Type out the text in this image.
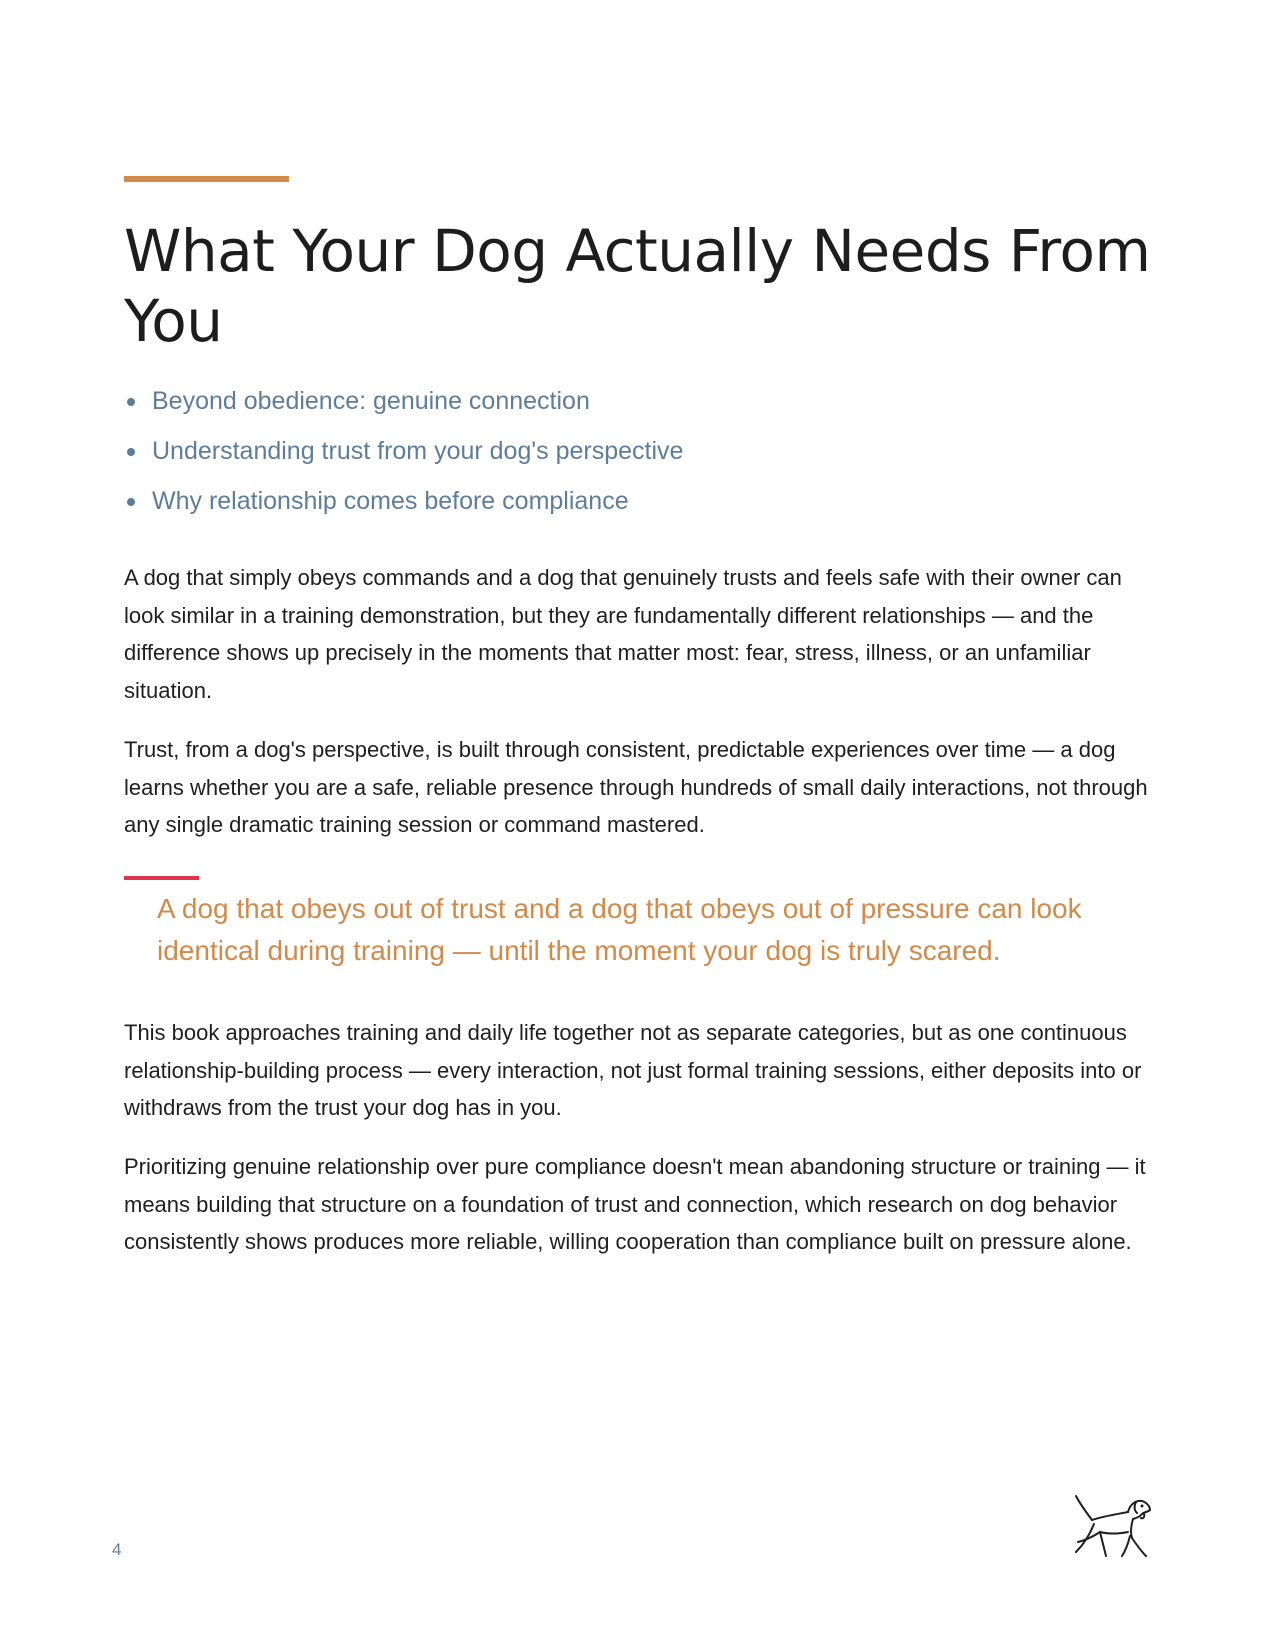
What Your Dog Actually Needs From You
Beyond obedience: genuine connection
Understanding trust from your dog's perspective
Why relationship comes before compliance

A dog that simply obeys commands and a dog that genuinely trusts and feels safe with their owner can look similar in a training demonstration, but they are fundamentally different relationships — and the difference shows up precisely in the moments that matter most: fear, stress, illness, or an unfamiliar situation.

Trust, from a dog's perspective, is built through consistent, predictable experiences over time — a dog learns whether you are a safe, reliable presence through hundreds of small daily interactions, not through any single dramatic training session or command mastered.

A dog that obeys out of trust and a dog that obeys out of pressure can look identical during training — until the moment your dog is truly scared.

This book approaches training and daily life together not as separate categories, but as one continuous relationship-building process — every interaction, not just formal training sessions, either deposits into or withdraws from the trust your dog has in you.

Prioritizing genuine relationship over pure compliance doesn't mean abandoning structure or training — it means building that structure on a foundation of trust and connection, which research on dog behavior consistently shows produces more reliable, willing cooperation than compliance built on pressure alone.

4
